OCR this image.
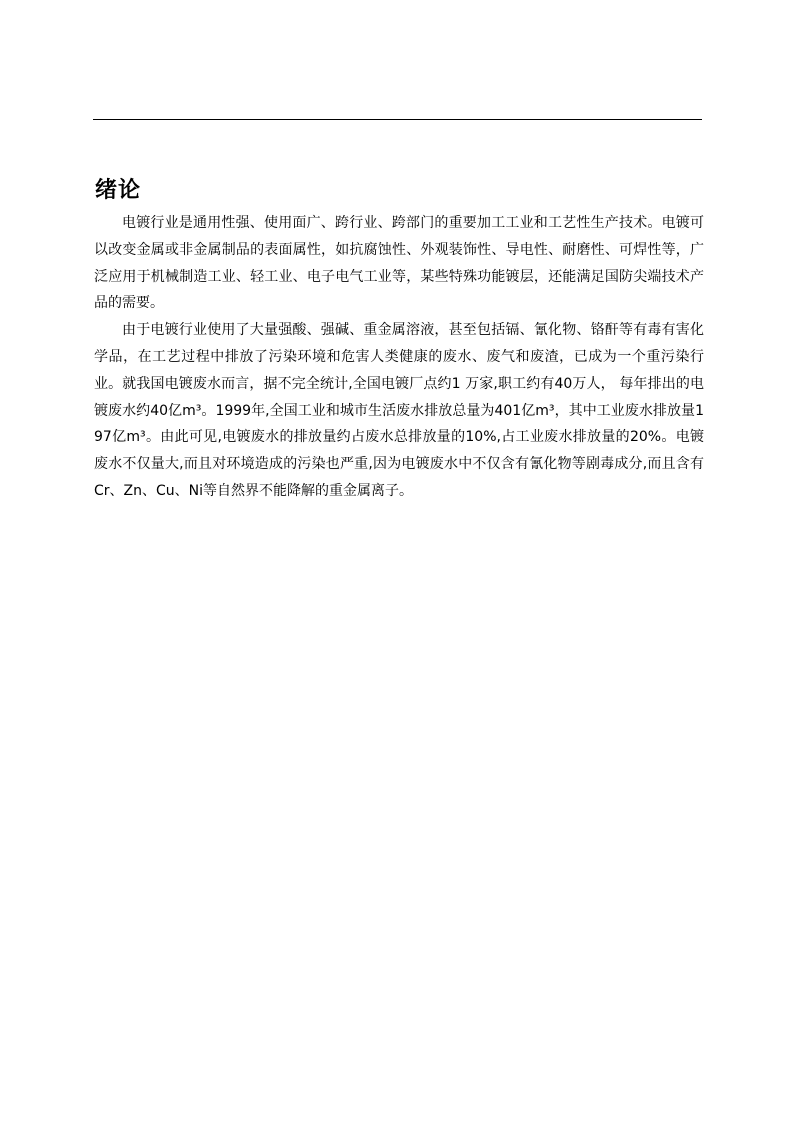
绪论

电镀行业是通用性强、使用面广、跨行业、跨部门的重要加工工业和工艺性生产技术。电镀可以改变金属或非金属制品的表面属性，如抗腐蚀性、外观装饰性、导电性、耐磨性、可焊性等，广泛应用于机械制造工业、轻工业、电子电气工业等，某些特殊功能镀层，还能满足国防尖端技术产品的需要。

由于电镀行业使用了大量强酸、强碱、重金属溶液，甚至包括镉、氰化物、铬酐等有毒有害化学品，在工艺过程中排放了污染环境和危害人类健康的废水、废气和废渣，已成为一个重污染行业。就我国电镀废水而言，据不完全统计,全国电镀厂点约1 万家,职工约有40万人， 每年排出的电镀废水约40亿m³。1999年,全国工业和城市生活废水排放总量为401亿m³，其中工业废水排放量197亿m³。由此可见,电镀废水的排放量约占废水总排放量的10%,占工业废水排放量的20%。电镀废水不仅量大,而且对环境造成的污染也严重,因为电镀废水中不仅含有氰化物等剧毒成分,而且含有Cr、Zn、Cu、Ni等自然界不能降解的重金属离子。
